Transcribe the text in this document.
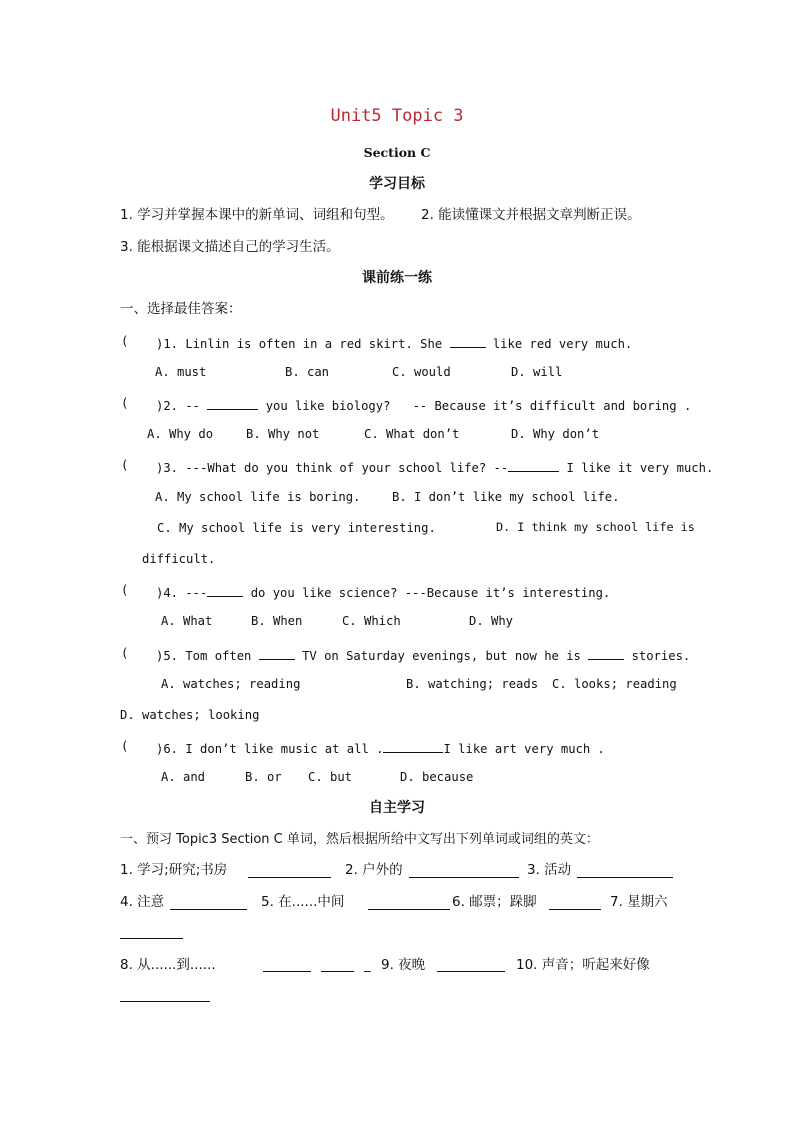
Unit5 Topic 3
Section C
学习目标
1. 学习并掌握本课中的新单词、词组和句型。 2. 能读懂课文并根据文章判断正误。
3. 能根据课文描述自己的学习生活。
课前练一练
一、选择最佳答案：
( )1. Linlin is often in a red skirt. She	like red very much.
A. must	B. can	C. would	D. will
( )2. --	you like biology?   -- Because it’s difficult and boring .
A. Why do	B. Why not	C. What don’t	D. Why don’t
( )3. ---What do you think of your school life? --	I like it very much.
A. My school life is boring.	B. I don’t like my school life.
C. My school life is very interesting.	D. I think my school life is
difficult.
( )4. ---	do you like science? ---Because it’s interesting.
A. What	B. When	C. Which	D. Why
( )5. Tom often	TV on Saturday evenings, but now he is	stories.
A. watches; reading	B. watching; reads C. looks; reading
D. watches; looking
( )6. I don’t like music at all .	I like art very much .
A. and	B. or C. but	D. because
自主学习
一、预习 Topic3 Section C 单词，然后根据所给中文写出下列单词或词组的英文：
1. 学习;研究;书房	2. 户外的	3. 活动
4. 注意	5. 在......中间	6. 邮票；跺脚	7. 星期六
8. 从......到......	_ 9. 夜晚	10. 声音；听起来好像
